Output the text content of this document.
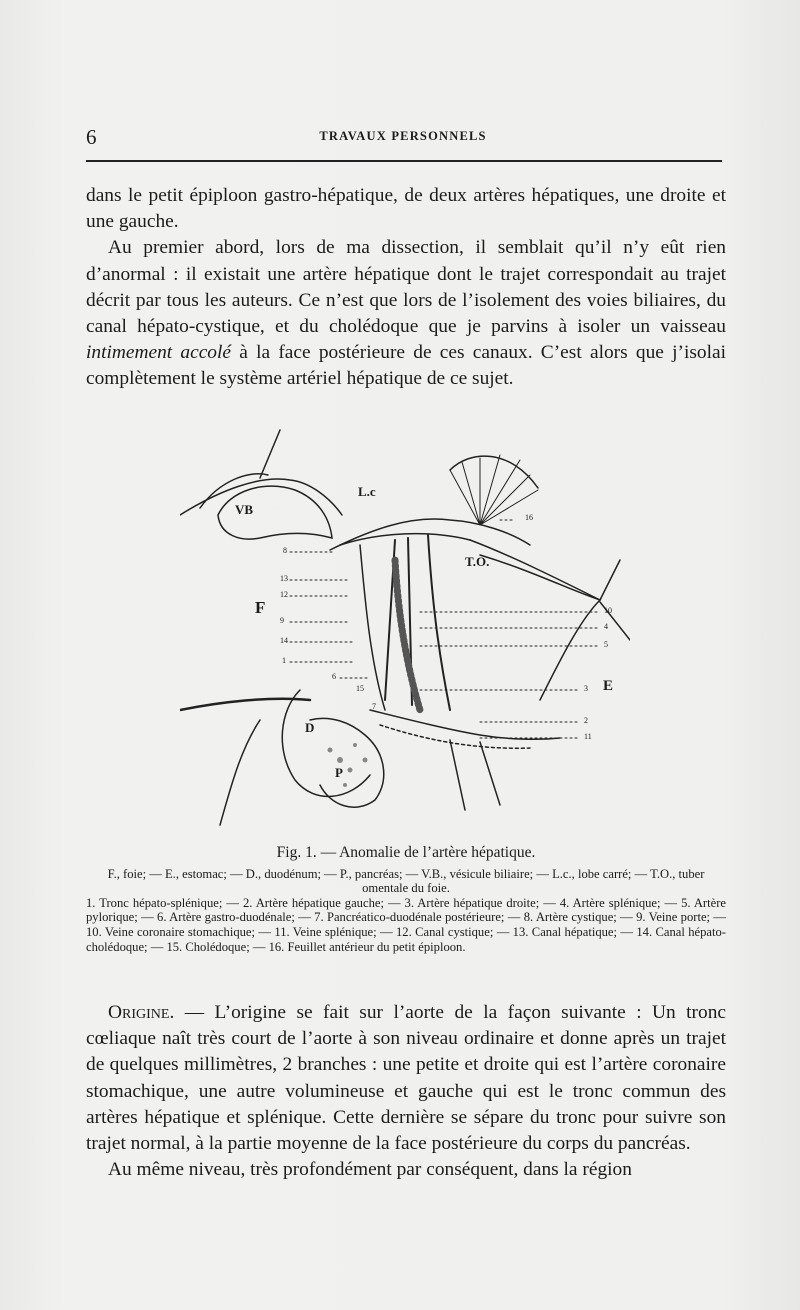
6	TRAVAUX PERSONNELS

dans le petit épiploon gastro-hépatique, de deux artères hépatiques, une droite et une gauche.

Au premier abord, lors de ma dissection, il semblait qu’il n’y eût rien d’anormal : il existait une artère hépatique dont le trajet correspondait au trajet décrit par tous les auteurs. Ce n’est que lors de l’isolement des voies biliaires, du canal hépato-cystique, et du cholédoque que je parvins à isoler un vaisseau intimement accolé à la face postérieure de ces canaux. C’est alors que j’isolai complètement le système artériel hépatique de ce sujet.

VB
L.c
T.O.
F
E
D
P
16
8
13
12
9
14
1
6
15
7
10
4
5
3
2
11
Fig. 1. — Anomalie de l’artère hépatique.

F., foie; — E., estomac; — D., duodénum; — P., pancréas; — V.B., vésicule biliaire; — L.c., lobe carré; — T.O., tuber omentale du foie.

1. Tronc hépato-splénique; — 2. Artère hépatique gauche; — 3. Artère hépatique droite; — 4. Artère splénique; — 5. Artère pylorique; — 6. Artère gastro-duodénale; — 7. Pancréatico-duodénale postérieure; — 8. Artère cystique; — 9. Veine porte; — 10. Veine coronaire stomachique; — 11. Veine splénique; — 12. Canal cystique; — 13. Canal hépatique; — 14. Canal hépato-cholédoque; — 15. Cholédoque; — 16. Feuillet antérieur du petit épiploon.

Origine. — L’origine se fait sur l’aorte de la façon suivante : Un tronc cœliaque naît très court de l’aorte à son niveau ordinaire et donne après un trajet de quelques millimètres, 2 branches : une petite et droite qui est l’artère coronaire stomachique, une autre volumineuse et gauche qui est le tronc commun des artères hépatique et splénique. Cette dernière se sépare du tronc pour suivre son trajet normal, à la partie moyenne de la face postérieure du corps du pancréas.

Au même niveau, très profondément par conséquent, dans la région
